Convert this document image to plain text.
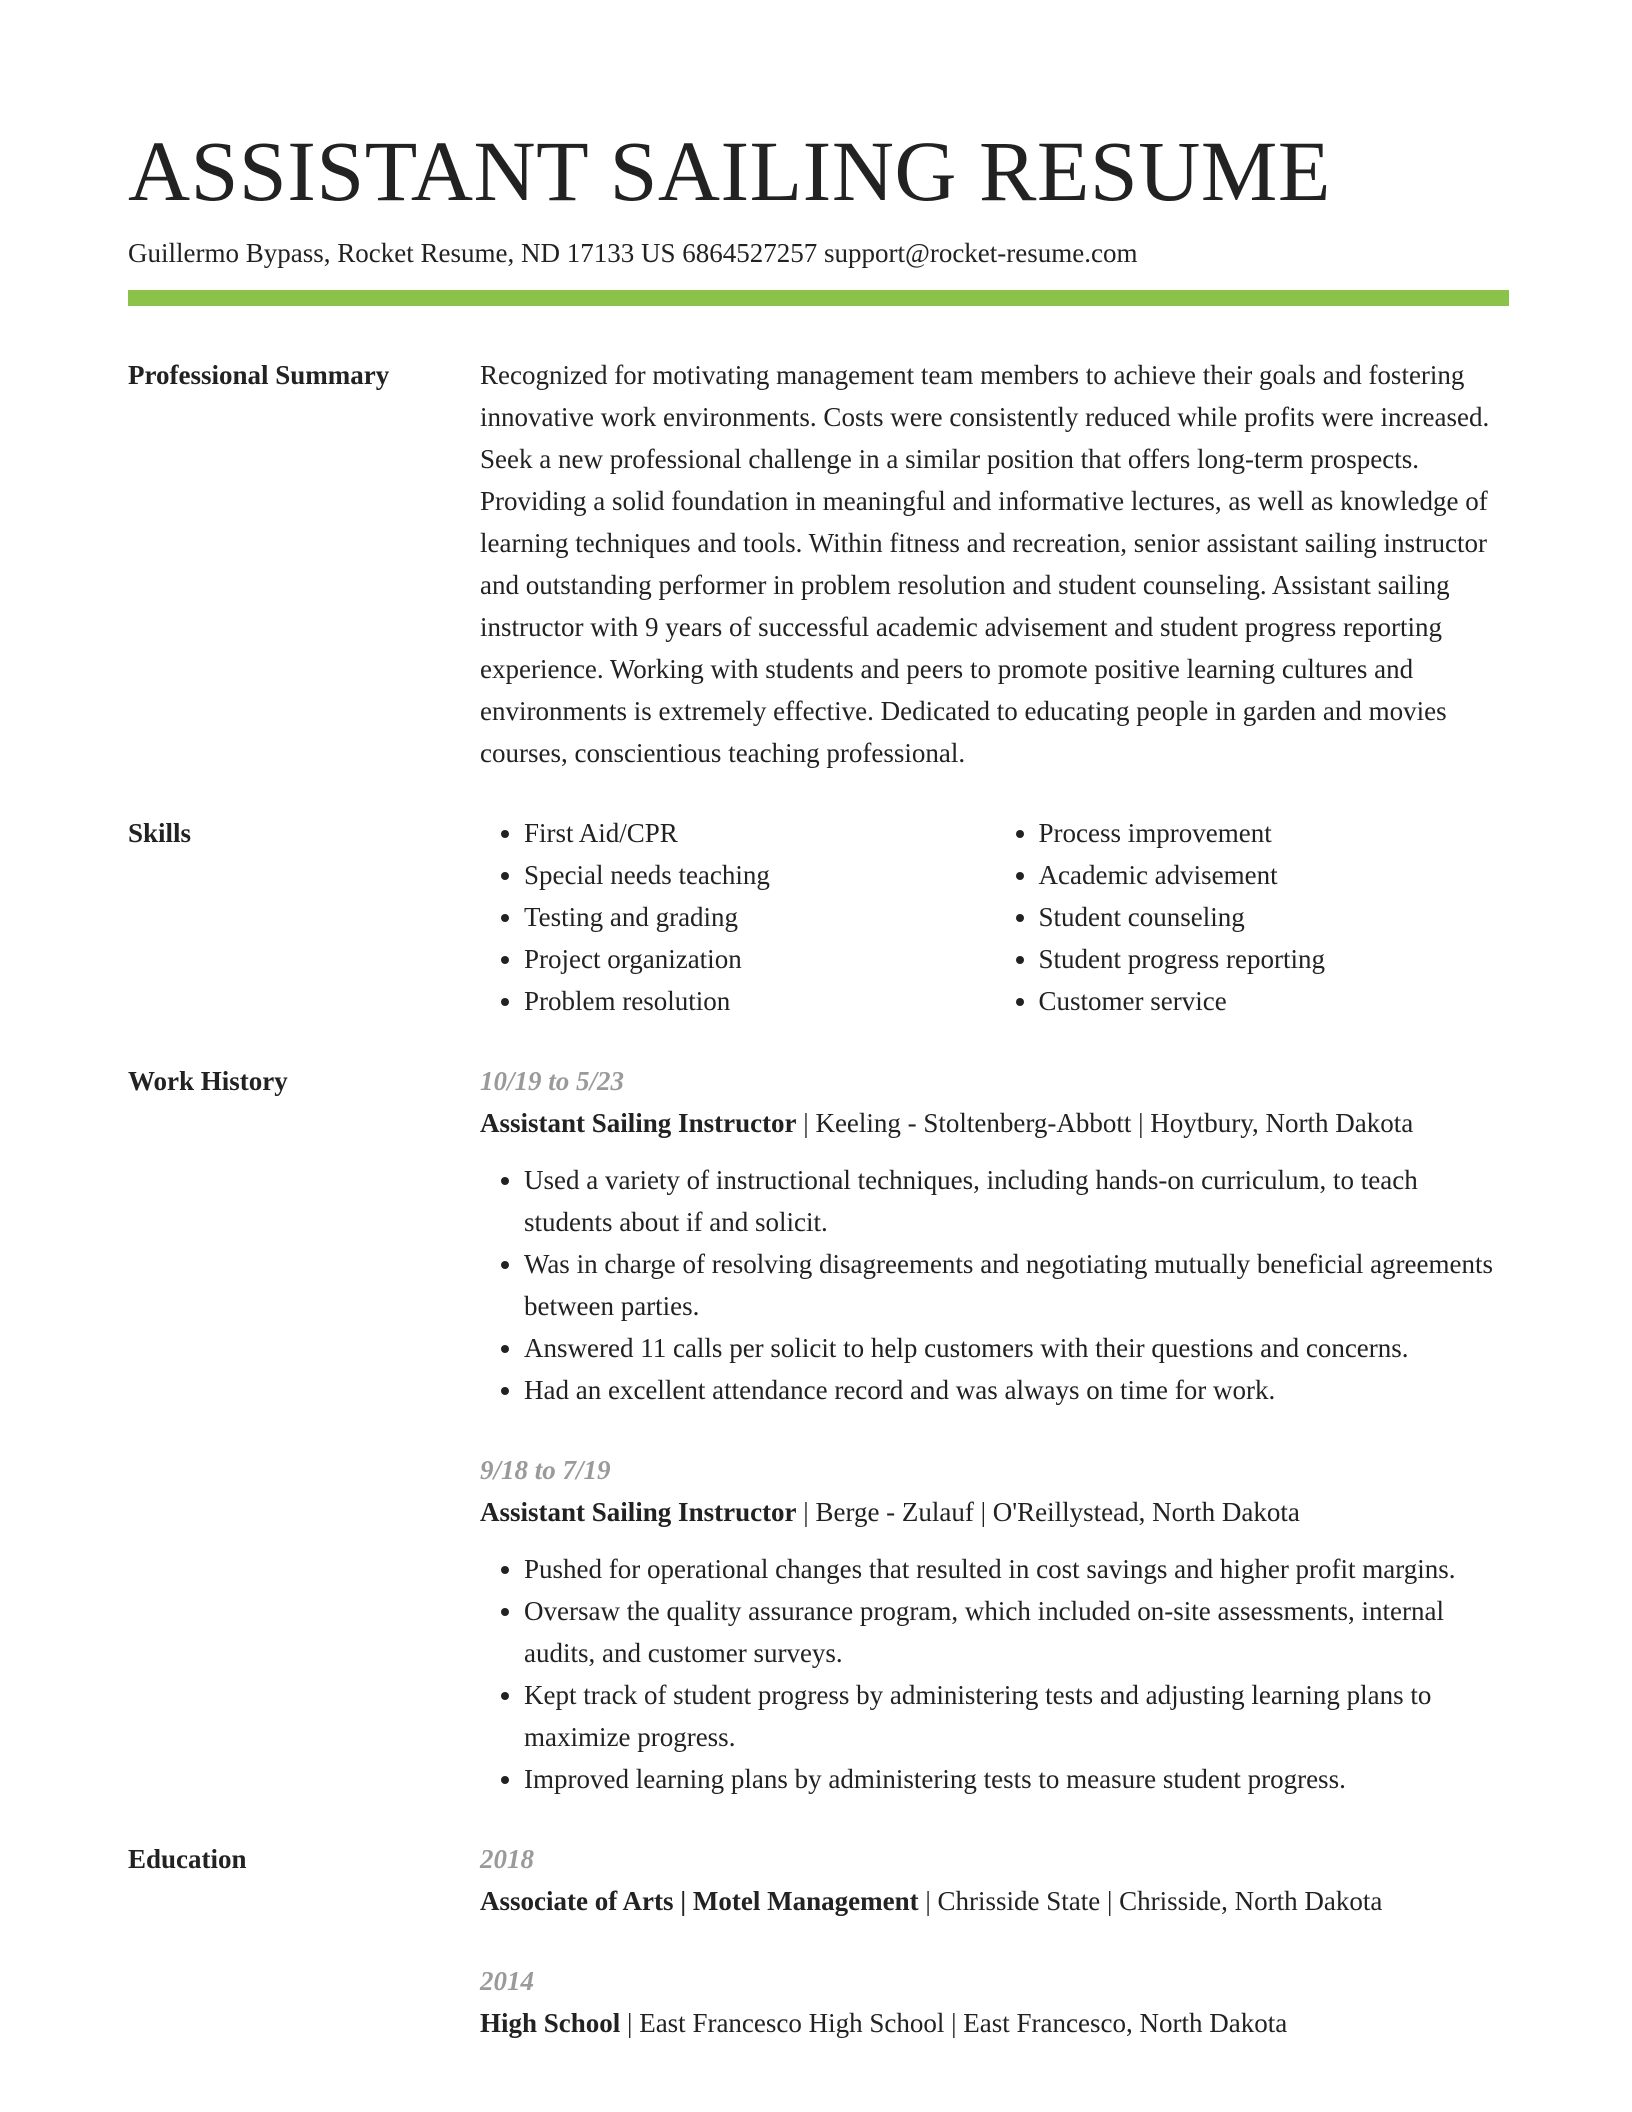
ASSISTANT SAILING RESUME
Guillermo Bypass, Rocket Resume, ND 17133 US 6864527257 support@rocket-resume.com
Professional Summary	Recognized for motivating management team members to achieve their goals and fostering innovative work environments. Costs were consistently reduced while profits were increased. Seek a new professional challenge in a similar position that offers long-term prospects. Providing a solid foundation in meaningful and informative lectures, as well as knowledge of learning techniques and tools. Within fitness and recreation, senior assistant sailing instructor and outstanding performer in problem resolution and student counseling. Assistant sailing instructor with 9 years of successful academic advisement and student progress reporting experience. Working with students and peers to promote positive learning cultures and environments is extremely effective. Dedicated to educating people in garden and movies courses, conscientious teaching professional.

Skills
•	First Aid/CPR
• Special needs teaching
• Testing and grading
• Project organization
• Problem resolution
• Process improvement
• Academic advisement
• Student counseling
• Student progress reporting
• Customer service
Work History	10/19 to 5/23
Assistant Sailing Instructor | Keeling - Stoltenberg-Abbott | Hoytbury, North Dakota
• Used a variety of instructional techniques, including hands-on curriculum, to teach students about if and solicit.
• Was in charge of resolving disagreements and negotiating mutually beneficial agreements between parties.
• Answered 11 calls per solicit to help customers with their questions and concerns.
• Had an excellent attendance record and was always on time for work.
9/18 to 7/19
Assistant Sailing Instructor | Berge - Zulauf | O'Reillystead, North Dakota
• Pushed for operational changes that resulted in cost savings and higher profit margins.
• Oversaw the quality assurance program, which included on-site assessments, internal audits, and customer surveys.
• Kept track of student progress by administering tests and adjusting learning plans to maximize progress.
• Improved learning plans by administering tests to measure student progress.
Education	2018
Associate of Arts | Motel Management | Chrisside State | Chrisside, North Dakota
2014
High School | East Francesco High School | East Francesco, North Dakota
